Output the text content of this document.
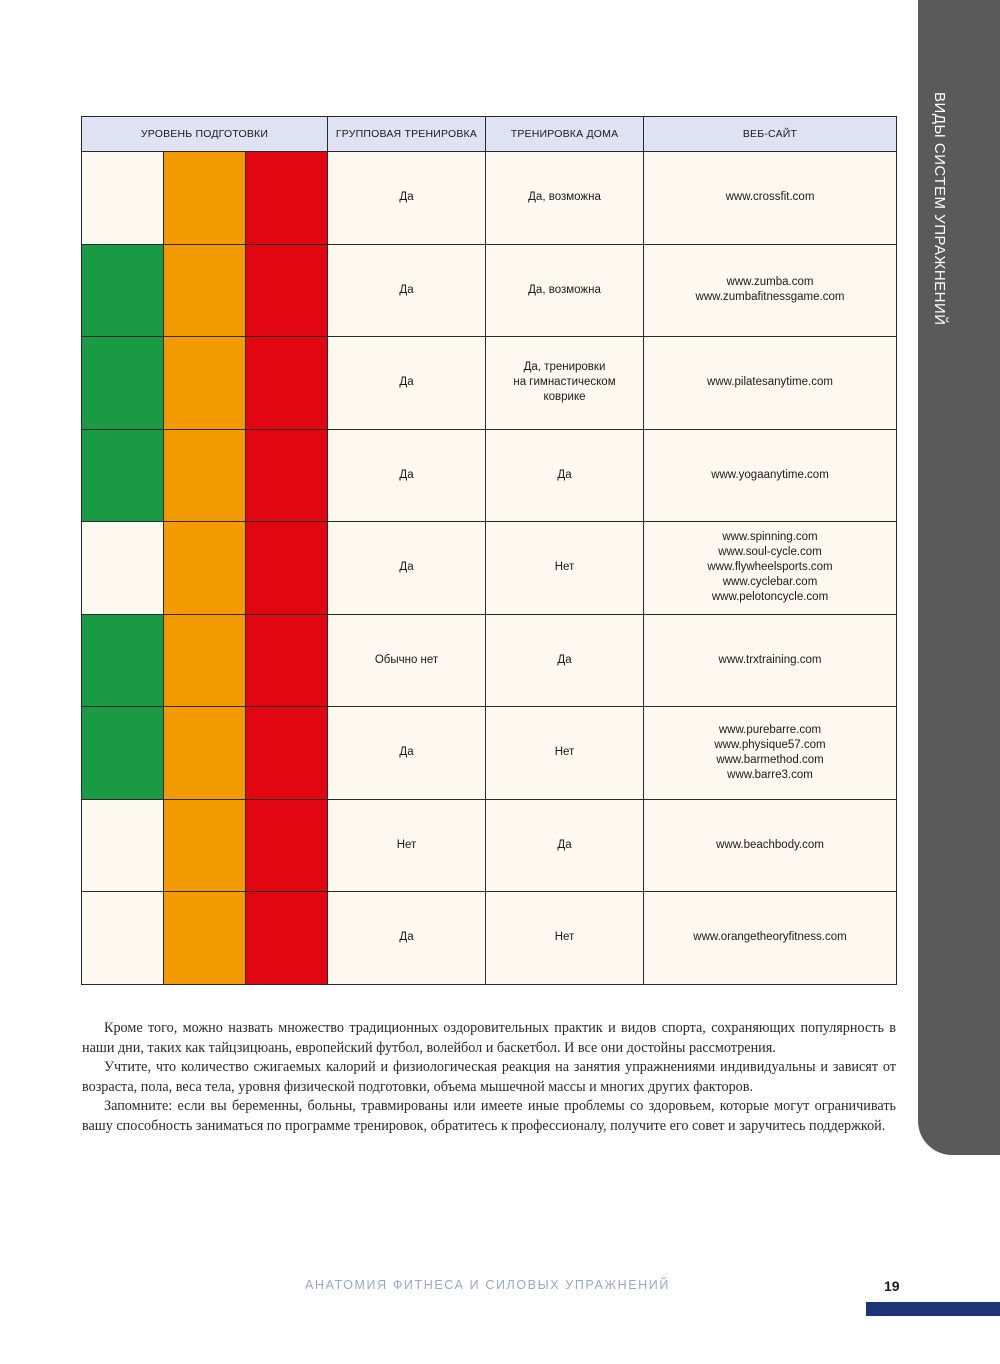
ВИДЫ СИСТЕМ УПРАЖНЕНИЙ
УРОВЕНЬ ПОДГОТОВКИ			ГРУППОВАЯ ТРЕНИРОВКА	ТРЕНИРОВКА ДОМА	ВЕБ-САЙТ
			Да	Да, возможна	www.crossfit.com

			Да	Да, возможна	www.zumba.com
www.zumbafitnessgame.com

			Да	Да, тренировки
на гимнастическом
коврике	www.pilatesanytime.com

			Да	Да	www.yogaanytime.com

			Да	Нет	www.spinning.com
www.soul-cycle.com
www.flywheelsports.com
www.cyclebar.com
www.pelotoncycle.com

			Обычно нет	Да	www.trxtraining.com

			Да	Нет	www.purebarre.com
www.physique57.com
www.barmethod.com
www.barre3.com

			Нет	Да	www.beachbody.com

			Да	Нет	www.orangetheoryfitness.com

Кроме того, можно назвать множество традиционных оздоровительных практик и видов спорта, сохраняющих популярность в наши дни, таких как тайцзицюань, европейский футбол, волейбол и баскетбол. И все они достойны рассмотрения.

Учтите, что количество сжигаемых калорий и физиологическая реакция на занятия упражнениями индивидуальны и зависят от возраста, пола, веса тела, уровня физической подготовки, объема мышечной массы и многих других факторов.

Запомните: если вы беременны, больны, травмированы или имеете иные проблемы со здоровьем, которые могут ограничивать вашу способность заниматься по программе тренировок, обратитесь к профессионалу, получите его совет и заручитесь поддержкой.

АНАТОМИЯ ФИТНЕСА И СИЛОВЫХ УПРАЖНЕНИЙ	19
